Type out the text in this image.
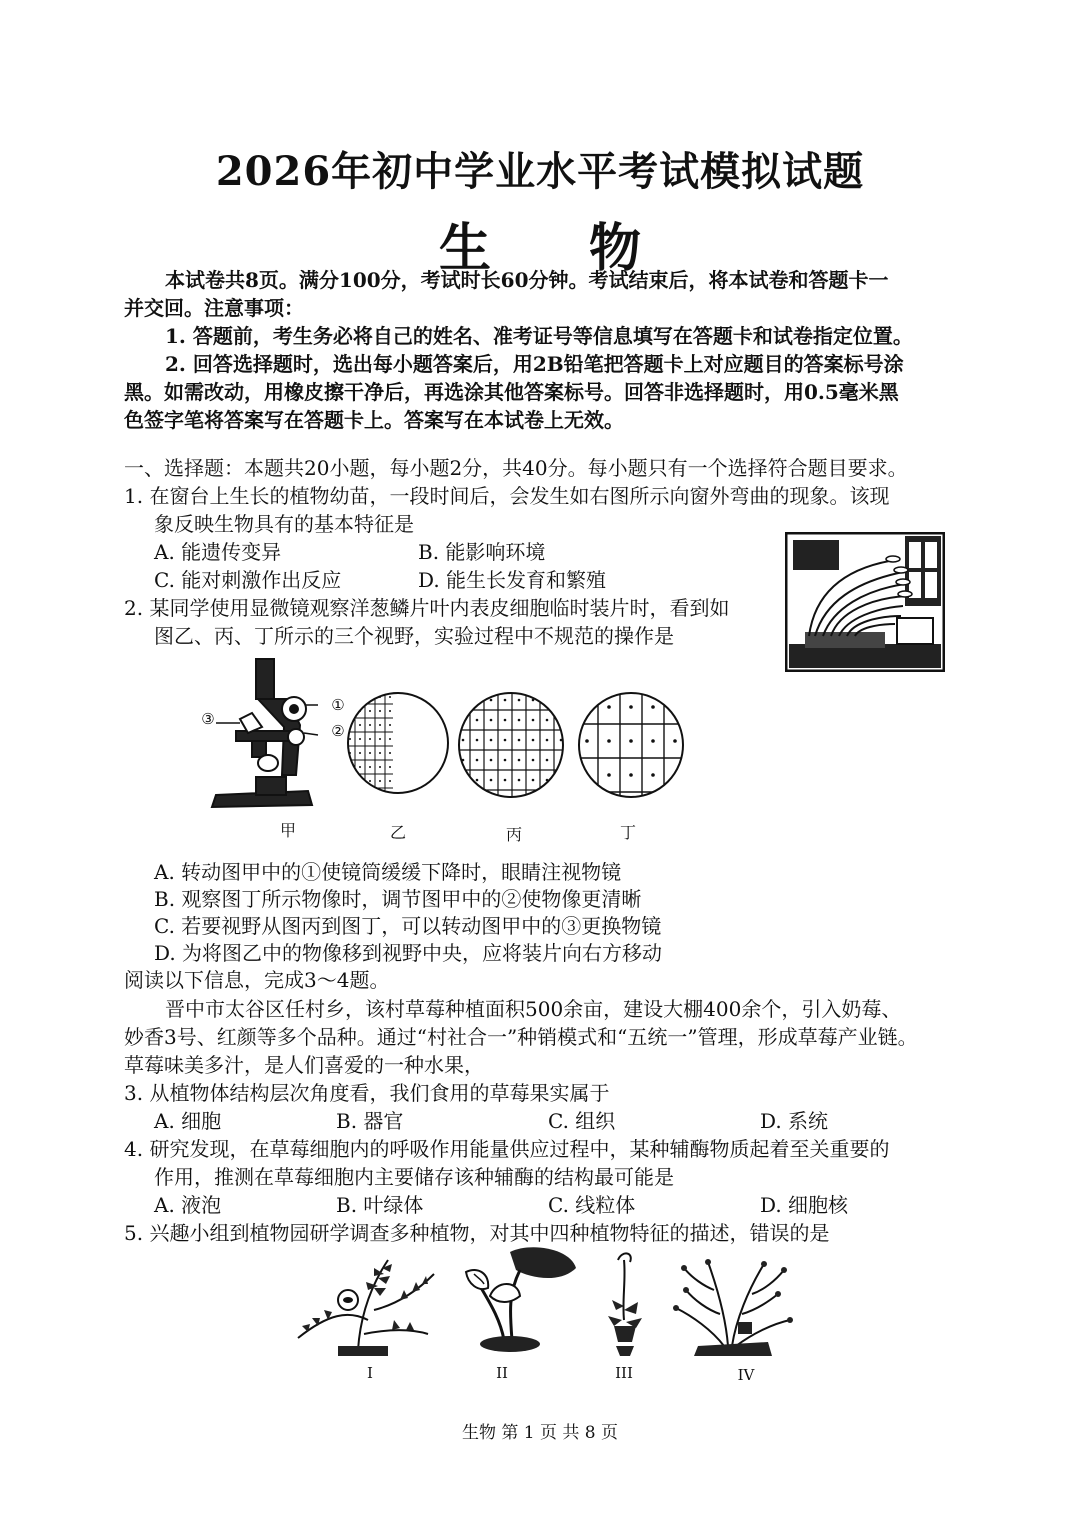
2026年初中学业水平考试模拟试题
生 物
本试卷共8页。满分100分，考试时长60分钟。考试结束后，将本试卷和答题卡一
并交回。注意事项：
1. 答题前，考生务必将自己的姓名、准考证号等信息填写在答题卡和试卷指定位置。
2. 回答选择题时，选出每小题答案后，用2B铅笔把答题卡上对应题目的答案标号涂
黑。如需改动，用橡皮擦干净后，再选涂其他答案标号。回答非选择题时，用0.5毫米黑
色签字笔将答案写在答题卡上。答案写在本试卷上无效。
一、选择题：本题共20小题，每小题2分，共40分。每小题只有一个选择符合题目要求。
1. 在窗台上生长的植物幼苗，一段时间后，会发生如右图所示向窗外弯曲的现象。该现
象反映生物具有的基本特征是
A. 能遗传变异	B. 能影响环境
C. 能对刺激作出反应	D. 能生长发育和繁殖
2. 某同学使用显微镜观察洋葱鳞片叶内表皮细胞临时装片时，看到如
图乙、丙、丁所示的三个视野，实验过程中不规范的操作是
①
②
③
甲	乙	丙	丁
A. 转动图甲中的①使镜筒缓缓下降时，眼睛注视物镜
B. 观察图丁所示物像时，调节图甲中的②使物像更清晰
C. 若要视野从图丙到图丁，可以转动图甲中的③更换物镜
D. 为将图乙中的物像移到视野中央，应将装片向右方移动
阅读以下信息，完成3～4题。
晋中市太谷区任村乡，该村草莓种植面积500余亩，建设大棚400余个，引入奶莓、
妙香3号、红颜等多个品种。通过“村社合一”种销模式和“五统一”管理，形成草莓产业链。
草莓味美多汁，是人们喜爱的一种水果，
3. 从植物体结构层次角度看，我们食用的草莓果实属于
A. 细胞	B. 器官	C. 组织	D. 系统
4. 研究发现，在草莓细胞内的呼吸作用能量供应过程中，某种辅酶物质起着至关重要的
作用，推测在草莓细胞内主要储存该种辅酶的结构最可能是
A. 液泡	B. 叶绿体	C. 线粒体	D. 细胞核
5. 兴趣小组到植物园研学调查多种植物，对其中四种植物特征的描述，错误的是
I	II	III	IV
生物 第 1 页 共 8 页
